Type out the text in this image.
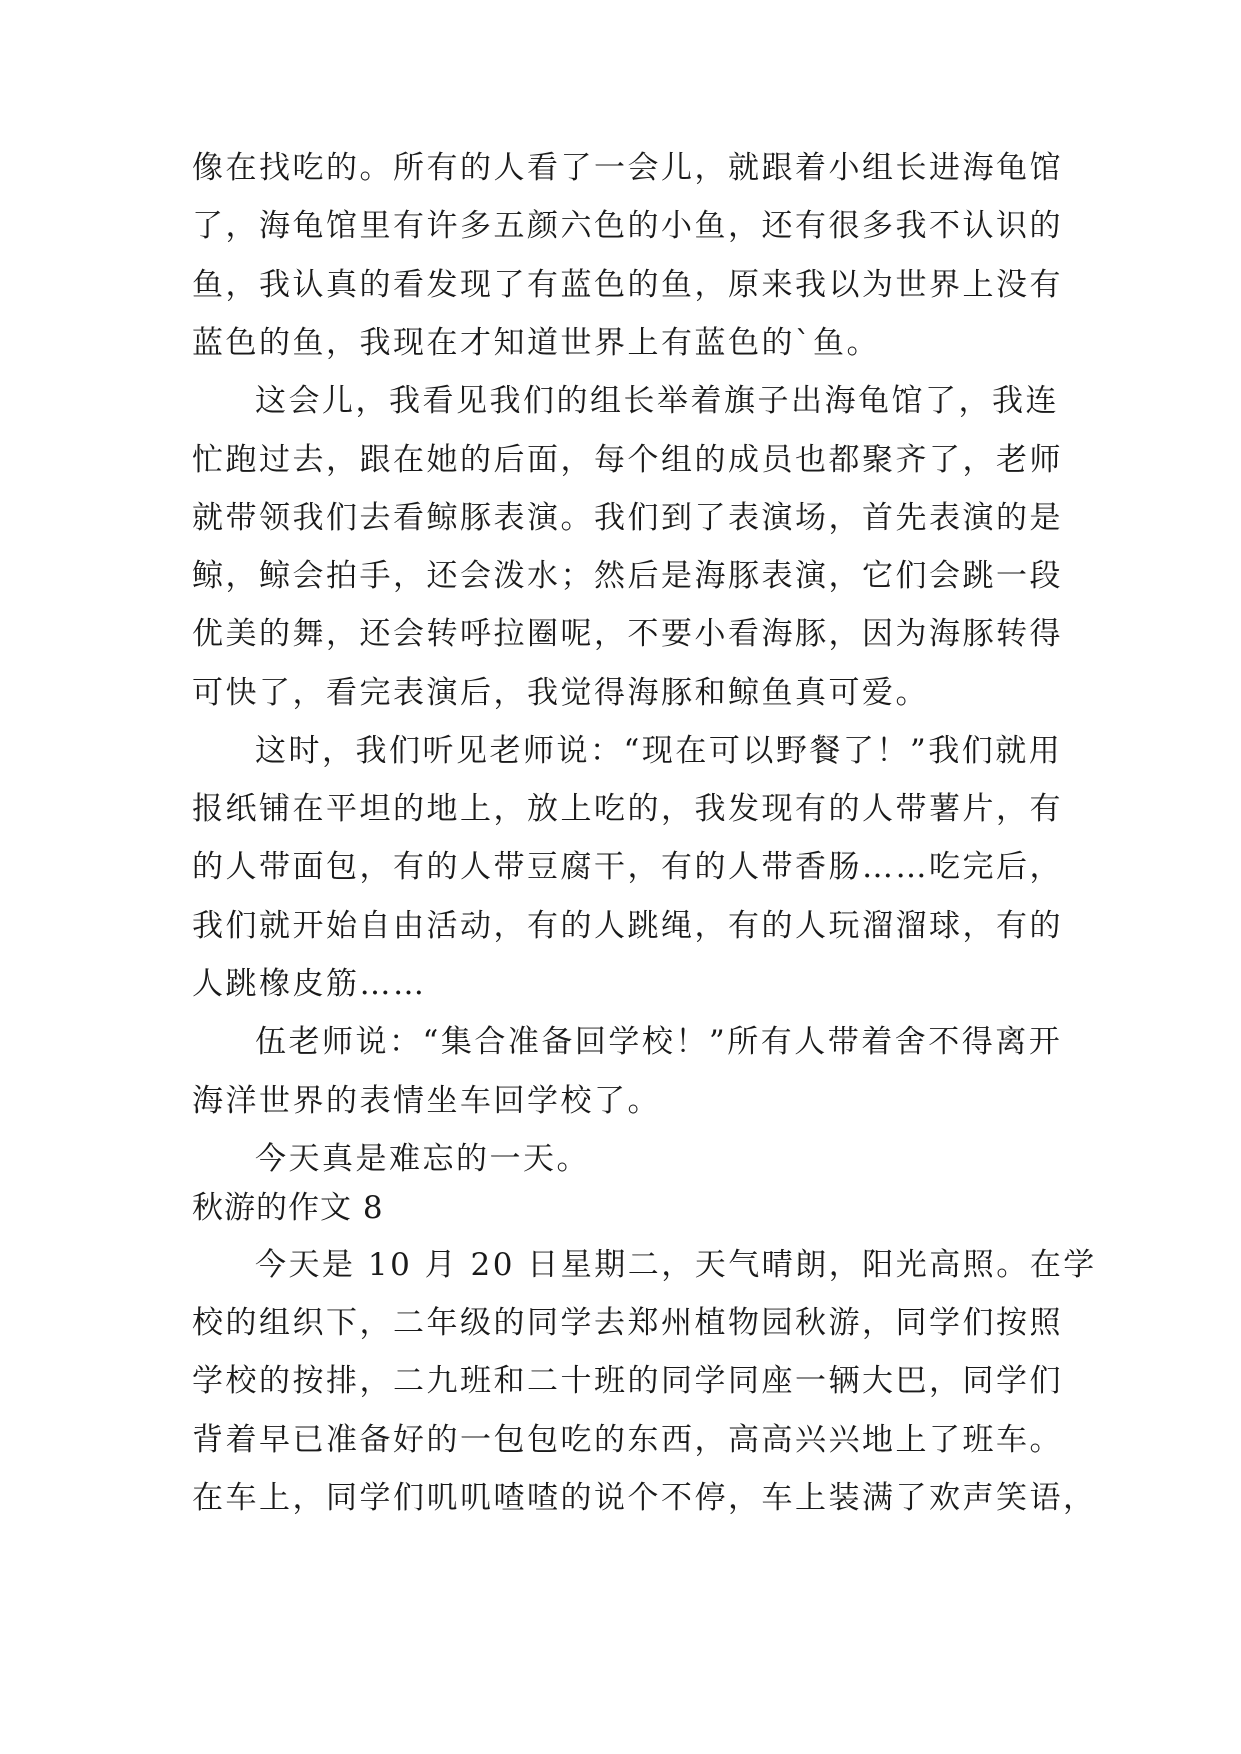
像在找吃的。所有的人看了一会儿，就跟着小组长进海龟馆
了，海龟馆里有许多五颜六色的小鱼，还有很多我不认识的
鱼，我认真的看发现了有蓝色的鱼，原来我以为世界上没有
蓝色的鱼，我现在才知道世界上有蓝色的`鱼。
这会儿，我看见我们的组长举着旗子出海龟馆了，我连
忙跑过去，跟在她的后面，每个组的成员也都聚齐了，老师
就带领我们去看鲸豚表演。我们到了表演场，首先表演的是
鲸，鲸会拍手，还会泼水；然后是海豚表演，它们会跳一段
优美的舞，还会转呼拉圈呢，不要小看海豚，因为海豚转得
可快了，看完表演后，我觉得海豚和鲸鱼真可爱。
这时，我们听见老师说：“现在可以野餐了！”我们就用
报纸铺在平坦的地上，放上吃的，我发现有的人带薯片，有
的人带面包，有的人带豆腐干，有的人带香肠……吃完后，
我们就开始自由活动，有的人跳绳，有的人玩溜溜球，有的
人跳橡皮筋……
伍老师说：“集合准备回学校！”所有人带着舍不得离开
海洋世界的表情坐车回学校了。
今天真是难忘的一天。
秋游的作文 8
今天是 10 月 20 日星期二，天气晴朗，阳光高照。在学
校的组织下，二年级的同学去郑州植物园秋游，同学们按照
学校的按排，二九班和二十班的同学同座一辆大巴，同学们
背着早已准备好的一包包吃的东西，高高兴兴地上了班车。
在车上，同学们叽叽喳喳的说个不停，车上装满了欢声笑语，
